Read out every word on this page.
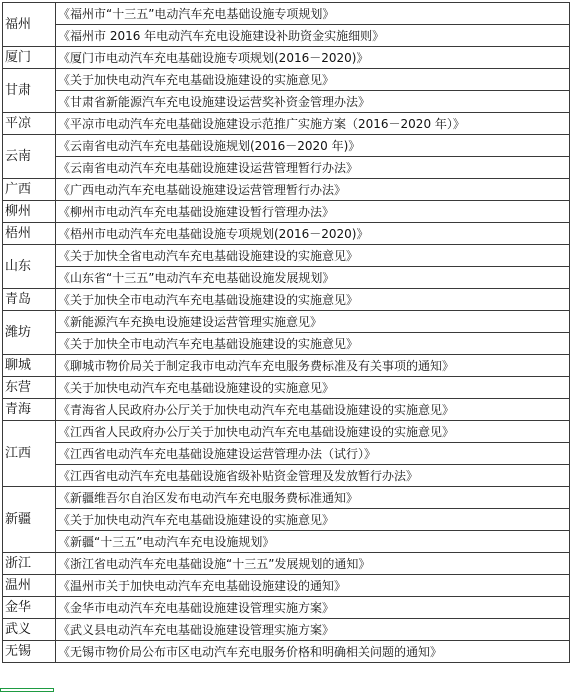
福州	《福州市“十三五”电动汽车充电基础设施专项规划》
	《福州市 2016 年电动汽车充电设施建设补助资金实施细则》
厦门	《厦门市电动汽车充电基础设施专项规划(2016－2020)》
甘肃	《关于加快电动汽车充电基础设施建设的实施意见》
	《甘肃省新能源汽车充电设施建设运营奖补资金管理办法》
平凉	《平凉市电动汽车充电基础设施建设示范推广实施方案（2016－2020 年）》
云南	《云南省电动汽车充电基础设施规划(2016－2020 年)》
	《云南省电动汽车充电基础设施建设运营管理暂行办法》
广西	《广西电动汽车充电基础设施建设运营管理暂行办法》
柳州	《柳州市电动汽车充电基础设施建设暂行管理办法》
梧州	《梧州市电动汽车充电基础设施专项规划(2016－2020)》
山东	《关于加快全省电动汽车充电基础设施建设的实施意见》
	《山东省“十三五”电动汽车充电基础设施发展规划》
青岛	《关于加快全市电动汽车充电基础设施建设的实施意见》
潍坊	《新能源汽车充换电设施建设运营管理实施意见》
	《关于加快全市电动汽车充电基础设施建设的实施意见》
聊城	《聊城市物价局关于制定我市电动汽车充电服务费标准及有关事项的通知》
东营	《关于加快电动汽车充电基础设施建设的实施意见》
青海	《青海省人民政府办公厅关于加快电动汽车充电基础设施建设的实施意见》
江西	《江西省人民政府办公厅关于加快电动汽车充电基础设施建设的实施意见》
	《江西省电动汽车充电基础设施建设运营管理办法（试行）》
	《江西省电动汽车充电基础设施省级补贴资金管理及发放暂行办法》
新疆	《新疆维吾尔自治区发布电动汽车充电服务费标准通知》
	《关于加快电动汽车充电基础设施建设的实施意见》
	《新疆“十三五”电动汽车充电设施规划》
浙江	《浙江省电动汽车充电基础设施“十三五”发展规划的通知》
温州	《温州市关于加快电动汽车充电基础设施建设的通知》
金华	《金华市电动汽车充电基础设施建设管理实施方案》
武义	《武义县电动汽车充电基础设施建设管理实施方案》
无锡	《无锡市物价局公布市区电动汽车充电服务价格和明确相关问题的通知》
